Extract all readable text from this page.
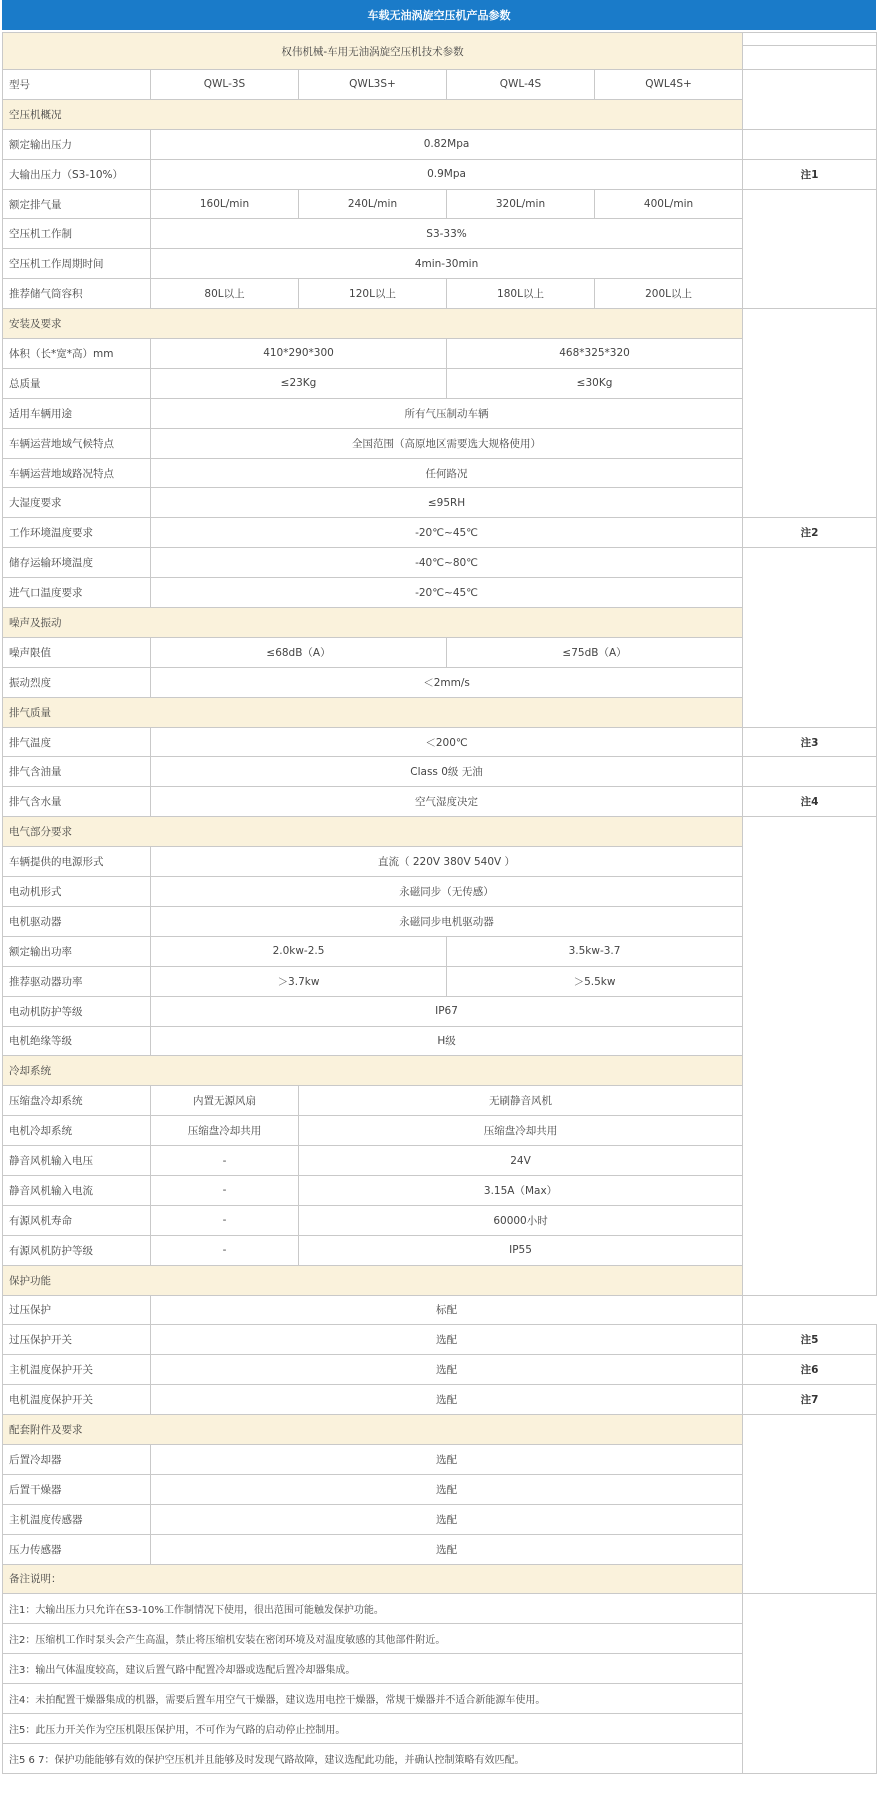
车载无油涡旋空压机产品参数
权伟机械-车用无油涡旋空压机技术参数					

型号	QWL-3S	QWL3S+	QWL-4S	QWL4S+	
空压机概况					
额定输出压力	0.82Mpa				
大输出压力（S3-10%）	0.9Mpa				注1
额定排气量	160L/min	240L/min	320L/min	400L/min	
空压机工作制	S3-33%				
空压机工作周期时间	4min-30min				
推荐储气筒容积	80L以上	120L以上	180L以上	200L以上	
安装及要求					
体积（长*宽*高）mm	410*290*300		468*325*320		
总质量	≤23Kg		≤30Kg		
适用车辆用途	所有气压制动车辆				
车辆运营地域气候特点	全国范围（高原地区需要选大规格使用）				
车辆运营地域路况特点	任何路况				
大湿度要求	≤95RH				
工作环境温度要求	-20℃~45℃				注2
储存运输环境温度	-40℃~80℃				
进气口温度要求	-20℃~45℃				
噪声及振动					
噪声限值	≤68dB（A）		≤75dB（A）		
振动烈度	＜2mm/s				
排气质量					
排气温度	＜200℃				注3
排气含油量	Class 0级 无油				
排气含水量	空气湿度决定				注4
电气部分要求					
车辆提供的电源形式	直流（ 220V 380V 540V ）				
电动机形式	永磁同步（无传感）				
电机驱动器	永磁同步电机驱动器				
额定输出功率	2.0kw-2.5		3.5kw-3.7		
推荐驱动器功率	＞3.7kw		＞5.5kw		
电动机防护等级	IP67				
电机绝缘等级	H级				
冷却系统					
压缩盘冷却系统	内置无源风扇	无刷静音风机			
电机冷却系统	压缩盘冷却共用	压缩盘冷却共用			
静音风机输入电压	-	24V			
静音风机输入电流	-	3.15A（Max）			
有源风机寿命	-	60000小时			
有源风机防护等级	-	IP55			
保护功能					
过压保护	标配				
过压保护开关	选配				注5
主机温度保护开关	选配				注6
电机温度保护开关	选配				注7
配套附件及要求					
后置冷却器	选配				
后置干燥器	选配				
主机温度传感器	选配				
压力传感器	选配				
备注说明：					
注1：大输出压力只允许在S3-10%工作制情况下使用，很出范围可能触发保护功能。					
注2：压缩机工作时泵头会产生高温，禁止将压缩机安装在密闭环境及对温度敏感的其他部件附近。					
注3：输出气体温度较高，建议后置气路中配置冷却器或选配后置冷却器集成。					
注4：未拍配置干燥器集成的机器，需要后置车用空气干燥器，建议选用电控干燥器，常规干燥器并不适合新能源车使用。					
注5：此压力开关作为空压机限压保护用，不可作为气路的启动停止控制用。					
注5 6 7：保护功能能够有效的保护空压机并且能够及时发现气路故障，建议选配此功能，并确认控制策略有效匹配。					
